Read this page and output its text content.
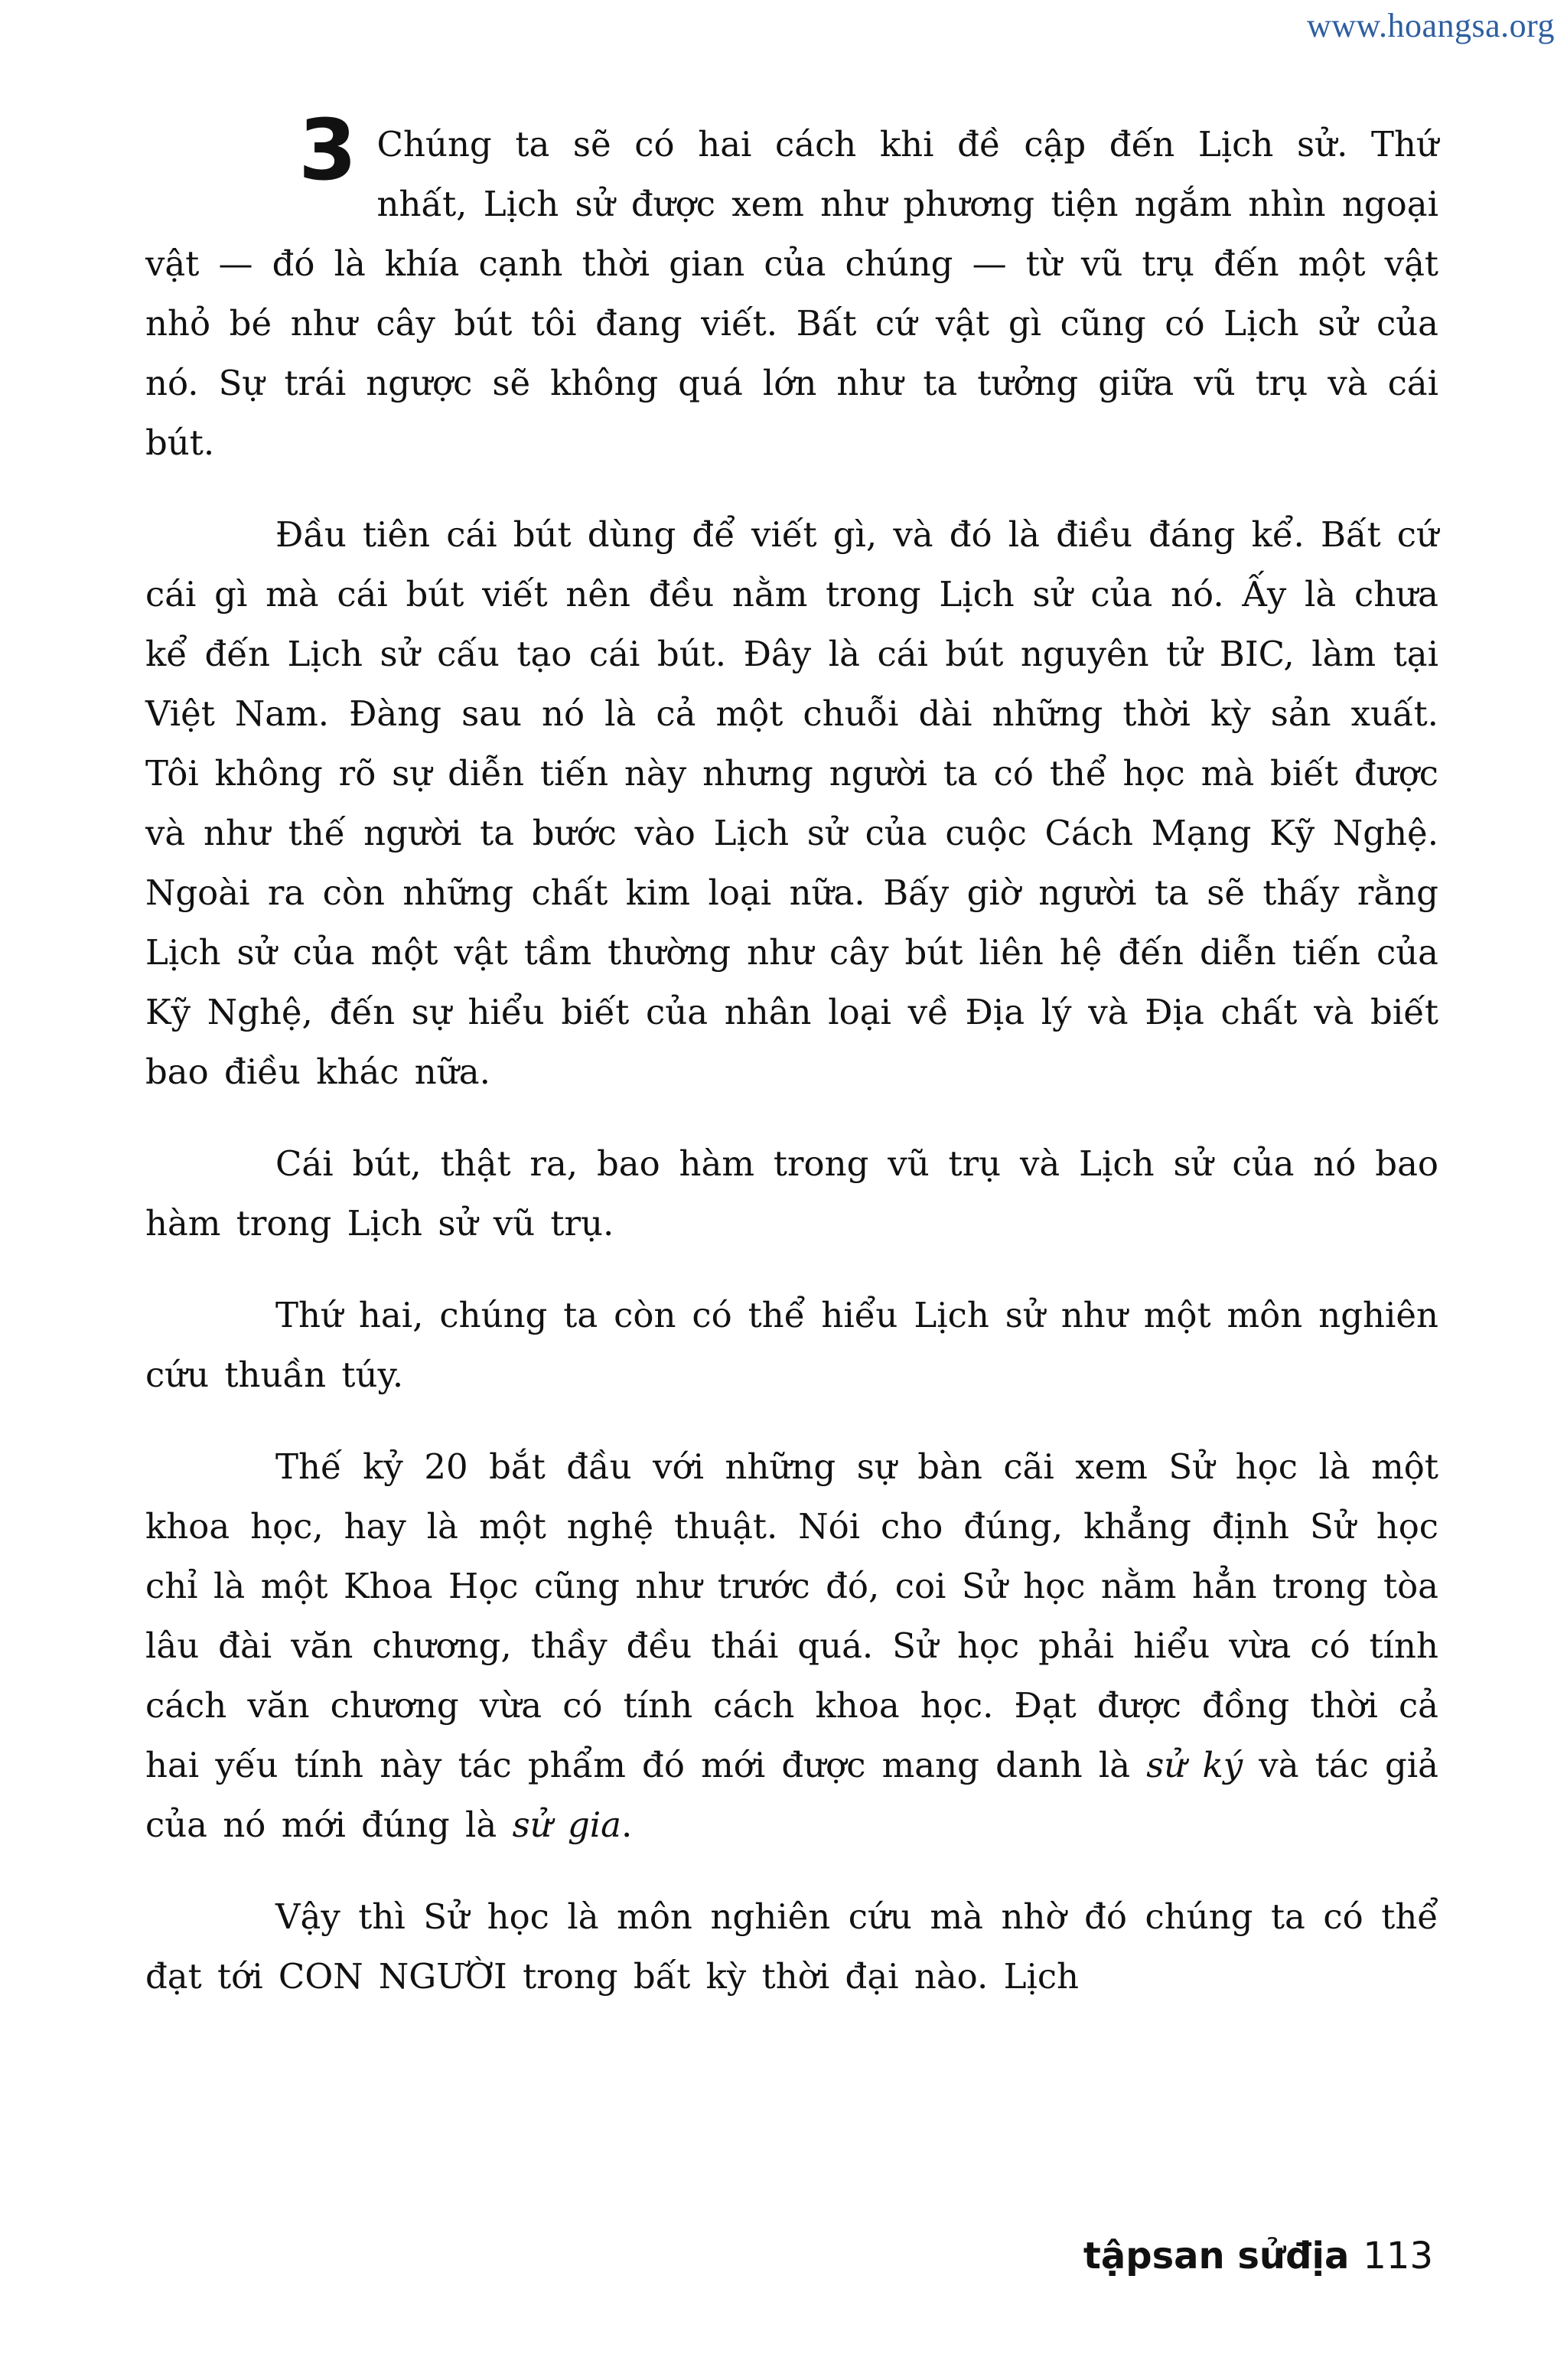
www.hoangsa.org

3 Chúng ta sẽ có hai cách khi đề cập đến Lịch sử. Thứ nhất, Lịch sử được xem như phương tiện ngắm nhìn ngoại vật — đó là khía cạnh thời gian của chúng — từ vũ trụ đến một vật nhỏ bé như cây bút tôi đang viết. Bất cứ vật gì cũng có Lịch sử của nó. Sự trái ngược sẽ không quá lớn như ta tưởng giữa vũ trụ và cái bút.

Đầu tiên cái bút dùng để viết gì, và đó là điều đáng kể. Bất cứ cái gì mà cái bút viết nên đều nằm trong Lịch sử của nó. Ấy là chưa kể đến Lịch sử cấu tạo cái bút. Đây là cái bút nguyên tử BIC, làm tại Việt Nam. Đàng sau nó là cả một chuỗi dài những thời kỳ sản xuất. Tôi không rõ sự diễn tiến này nhưng người ta có thể học mà biết được và như thế người ta bước vào Lịch sử của cuộc Cách Mạng Kỹ Nghệ. Ngoài ra còn những chất kim loại nữa. Bấy giờ người ta sẽ thấy rằng Lịch sử của một vật tầm thường như cây bút liên hệ đến diễn tiến của Kỹ Nghệ, đến sự hiểu biết của nhân loại về Địa lý và Địa chất và biết bao điều khác nữa.

Cái bút, thật ra, bao hàm trong vũ trụ và Lịch sử của nó bao hàm trong Lịch sử vũ trụ.

Thứ hai, chúng ta còn có thể hiểu Lịch sử như một môn nghiên cứu thuần túy.

Thế kỷ 20 bắt đầu với những sự bàn cãi xem Sử học là một khoa học, hay là một nghệ thuật. Nói cho đúng, khẳng định Sử học chỉ là một Khoa Học cũng như trước đó, coi Sử học nằm hẳn trong tòa lâu đài văn chương, thầy đều thái quá. Sử học phải hiểu vừa có tính cách văn chương vừa có tính cách khoa học. Đạt được đồng thời cả hai yếu tính này tác phẩm đó mới được mang danh là sử ký và tác giả của nó mới đúng là sử gia.

Vậy thì Sử học là môn nghiên cứu mà nhờ đó chúng ta có thể đạt tới CON NGƯỜI trong bất kỳ thời đại nào. Lịch

tậpsan sửđịa 113
